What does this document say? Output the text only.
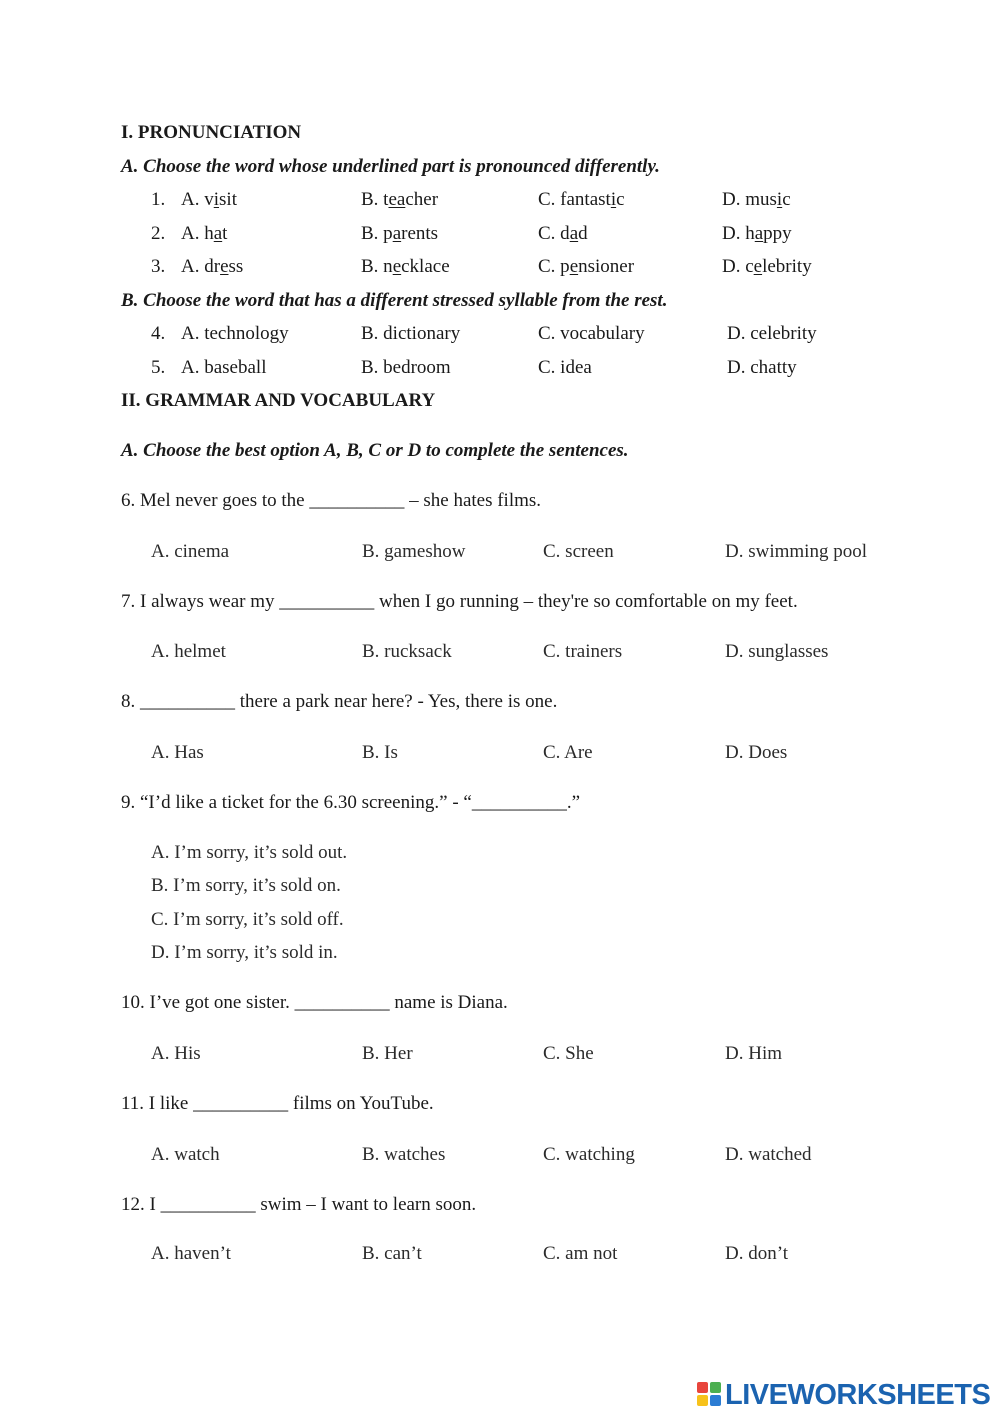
I. PRONUNCIATION
A. Choose the word whose underlined part is pronounced differently.
1. A. visit	B. teacher	C. fantastic	D. music
2. A. hat	B. parents	C. dad	D. happy
3. A. dress	B. necklace	C. pensioner	D. celebrity
B. Choose the word that has a different stressed syllable from the rest.
4. A. technology	B. dictionary	C. vocabulary	D. celebrity
5. A. baseball	B. bedroom	C. idea	D. chatty
II. GRAMMAR AND VOCABULARY
A. Choose the best option A, B, C or D to complete the sentences.
6. Mel never goes to the __________ – she hates films.
A. cinema	B. gameshow	C. screen	D. swimming pool
7. I always wear my __________ when I go running – they're so comfortable on my feet.
A. helmet	B. rucksack	C. trainers	D. sunglasses
8. __________ there a park near here? - Yes, there is one.
A. Has	B. Is	C. Are	D. Does
9. “I’d like a ticket for the 6.30 screening.” - “__________.”
A. I’m sorry, it’s sold out.
B. I’m sorry, it’s sold on.
C. I’m sorry, it’s sold off.
D. I’m sorry, it’s sold in.
10. I’ve got one sister. __________ name is Diana.
A. His	B. Her	C. She	D. Him
11. I like __________ films on YouTube.
A. watch	B. watches	C. watching	D. watched
12. I __________ swim – I want to learn soon.
A. haven’t	B. can’t	C. am not	D. don’t
LIVEWORKSHEETS
